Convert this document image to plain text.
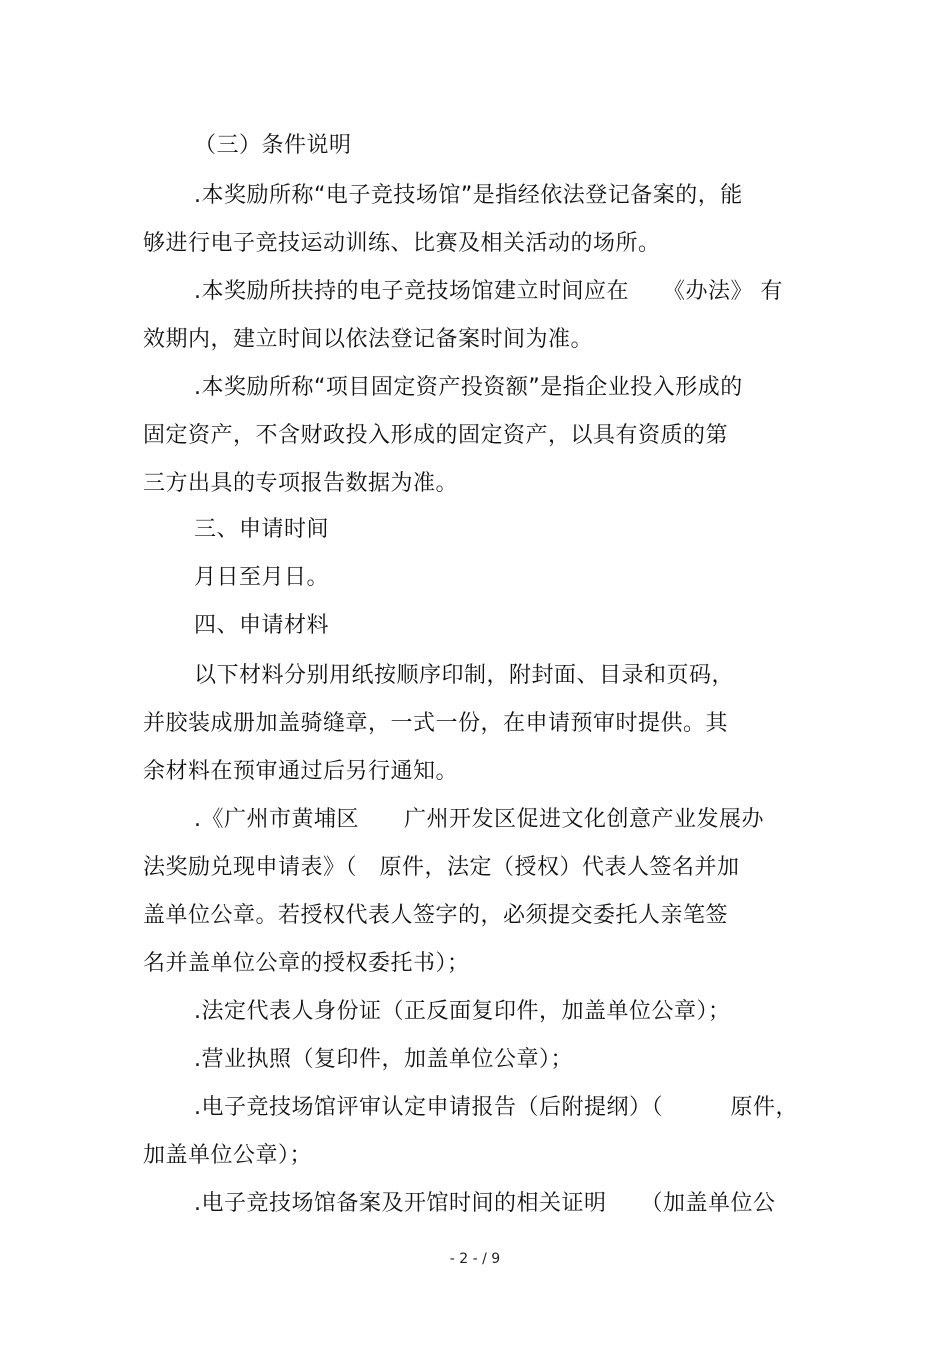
（三）条件说明
.本奖励所称“电子竞技场馆”是指经依法登记备案的，能
够进行电子竞技运动训练、比赛及相关活动的场所。
.本奖励所扶持的电子竞技场馆建立时间应在　　《办法》 有
效期内，建立时间以依法登记备案时间为准。
.本奖励所称“项目固定资产投资额”是指企业投入形成的
固定资产，不含财政投入形成的固定资产，以具有资质的第
三方出具的专项报告数据为准。
三、申请时间
月日至月日。
四、申请材料
以下材料分别用纸按顺序印制，附封面、目录和页码，
并胶装成册加盖骑缝章，一式一份，在申请预审时提供。其
余材料在预审通过后另行通知。
.《广州市黄埔区　　广州开发区促进文化创意产业发展办
法奖励兑现申请表》（　原件，法定（授权）代表人签名并加
盖单位公章。若授权代表人签字的，必须提交委托人亲笔签
名并盖单位公章的授权委托书）；
.法定代表人身份证（正反面复印件，加盖单位公章）；
.营业执照（复印件，加盖单位公章）；
.电子竞技场馆评审认定申请报告（后附提纲）（　　　原件，
加盖单位公章）；
.电子竞技场馆备案及开馆时间的相关证明　　（加盖单位公
- 2 - / 9
